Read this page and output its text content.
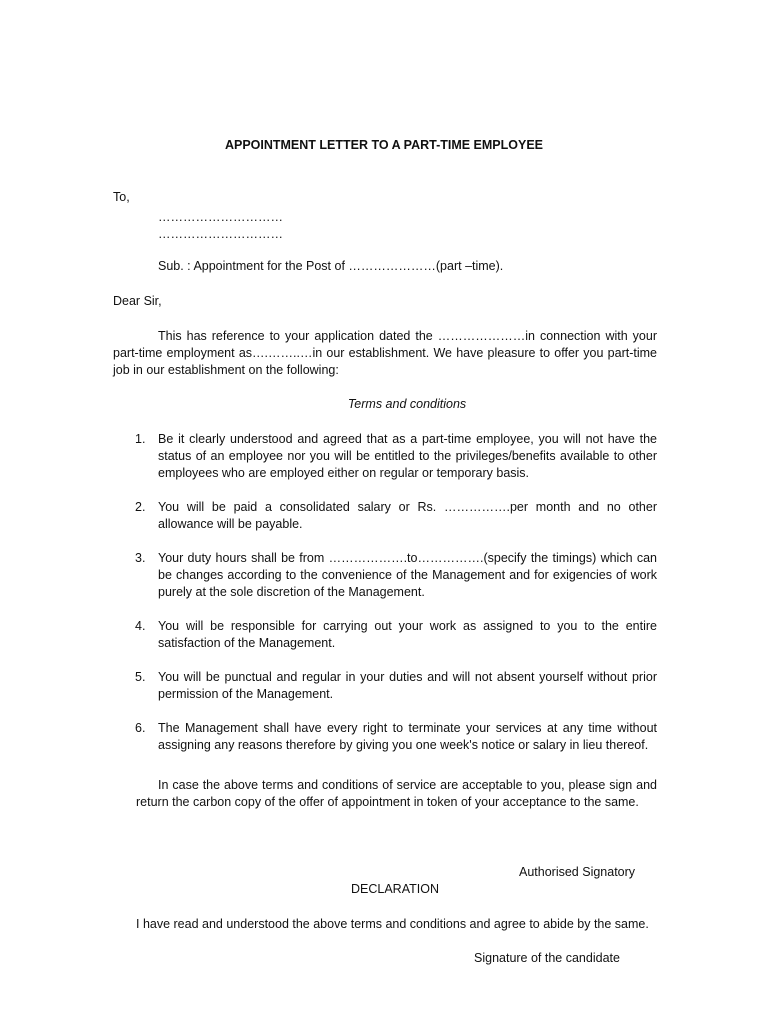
APPOINTMENT LETTER TO A PART-TIME EMPLOYEE
To,
…………………………
…………………………
Sub. : Appointment for the Post of …………………(part –time).
Dear Sir,
This has reference to your application dated the …………………in connection with your part-time employment as….……..…in our establishment. We have pleasure to offer you part-time job in our establishment on the following:
Terms and conditions
1. Be it clearly understood and agreed that as a part-time employee, you will not have the status of an employee nor you will be entitled to the privileges/benefits available to other employees who are employed either on regular or temporary basis.
2. You will be paid a consolidated salary or Rs. …………….per month and no other allowance will be payable.
3. Your duty hours shall be from ……………….to…………….(specify the timings) which can be changes according to the convenience of the Management and for exigencies of work purely at the sole discretion of the Management.
4. You will be responsible for carrying out your work as assigned to you to the entire satisfaction of the Management.
5. You will be punctual and regular in your duties and will not absent yourself without prior permission of the Management.
6. The Management shall have every right to terminate your services at any time without assigning any reasons therefore by giving you one week's notice or salary in lieu thereof.
In case the above terms and conditions of service are acceptable to you, please sign and return the carbon copy of the offer of appointment in token of your acceptance to the same.
Authorised Signatory
DECLARATION
I have read and understood the above terms and conditions and agree to abide by the same.
Signature of the candidate
